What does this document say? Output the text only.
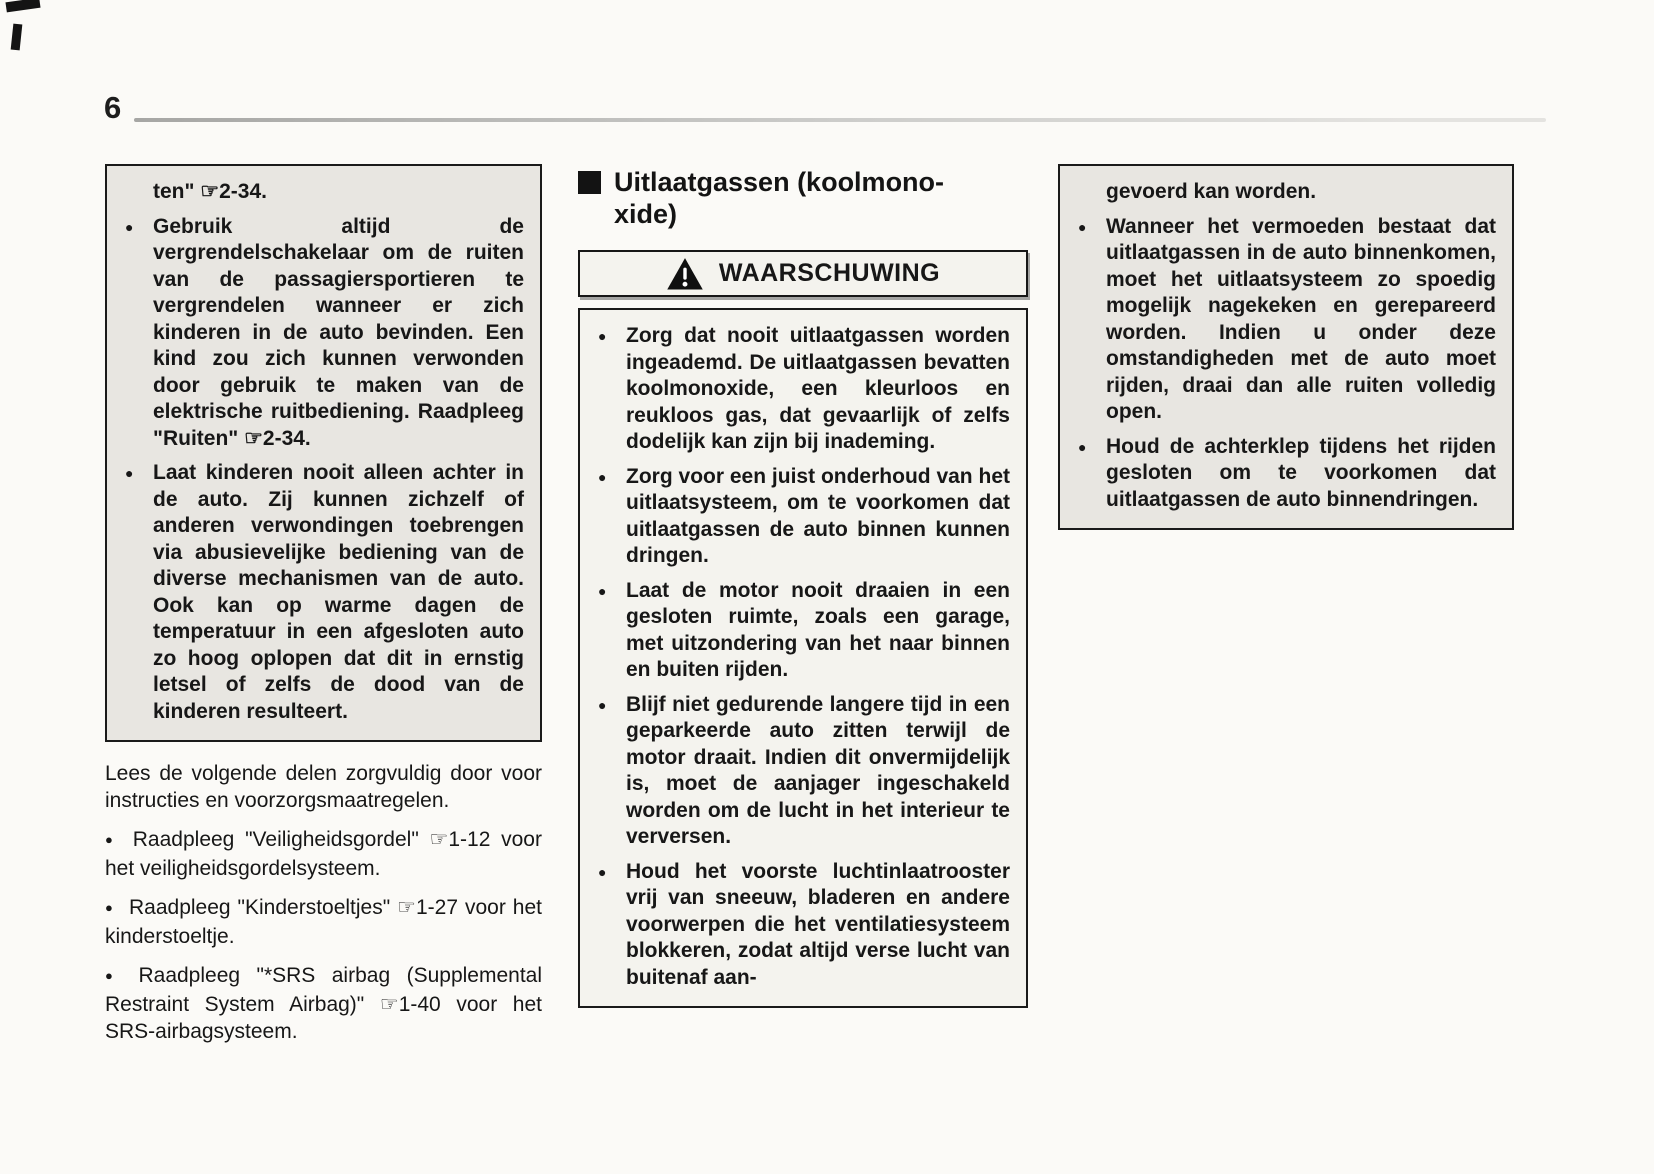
6

ten" ☞2-34.

● Gebruik altijd de vergrendelschakelaar om de ruiten van de passagiersportieren te vergrendelen wanneer er zich kinderen in de auto bevinden. Een kind zou zich kunnen verwonden door gebruik te maken van de elektrische ruitbediening. Raadpleeg "Ruiten" ☞2-34.
● Laat kinderen nooit alleen achter in de auto. Zij kunnen zichzelf of anderen verwondingen toebrengen via abusievelijke bediening van de diverse mechanismen van de auto. Ook kan op warme dagen de temperatuur in een afgesloten auto zo hoog oplopen dat dit in ernstig letsel of zelfs de dood van de kinderen resulteert.

Lees de volgende delen zorgvuldig door voor instructies en voorzorgsmaatregelen.

● Raadpleeg "Veiligheidsgordel" ☞1-12 voor het veiligheidsgordelsysteem.

● Raadpleeg "Kinderstoeltjes" ☞1-27 voor het kinderstoeltje.

● Raadpleeg "*SRS airbag (Supplemental Restraint System Airbag)" ☞1-40 voor het SRS-airbagsysteem.

Uitlaatgassen (koolmono-
xide)
WAARSCHUWING
● Zorg dat nooit uitlaatgassen worden ingeademd. De uitlaatgassen bevatten koolmonoxide, een kleurloos en reukloos gas, dat gevaarlijk of zelfs dodelijk kan zijn bij inademing.
● Zorg voor een juist onderhoud van het uitlaatsysteem, om te voorkomen dat uitlaatgassen de auto binnen kunnen dringen.
● Laat de motor nooit draaien in een gesloten ruimte, zoals een garage, met uitzondering van het naar binnen en buiten rijden.
● Blijf niet gedurende langere tijd in een geparkeerde auto zitten terwijl de motor draait. Indien dit onvermijdelijk is, moet de aanjager ingeschakeld worden om de lucht in het interieur te verversen.
● Houd het voorste luchtinlaatrooster vrij van sneeuw, bladeren en andere voorwerpen die het ventilatiesysteem blokkeren, zodat altijd verse lucht van buitenaf aan-

gevoerd kan worden.

● Wanneer het vermoeden bestaat dat uitlaatgassen in de auto binnenkomen, moet het uitlaatsysteem zo spoedig mogelijk nagekeken en gerepareerd worden. Indien u onder deze omstandigheden met de auto moet rijden, draai dan alle ruiten volledig open.
● Houd de achterklep tijdens het rijden gesloten om te voorkomen dat uitlaatgassen de auto binnendringen.
